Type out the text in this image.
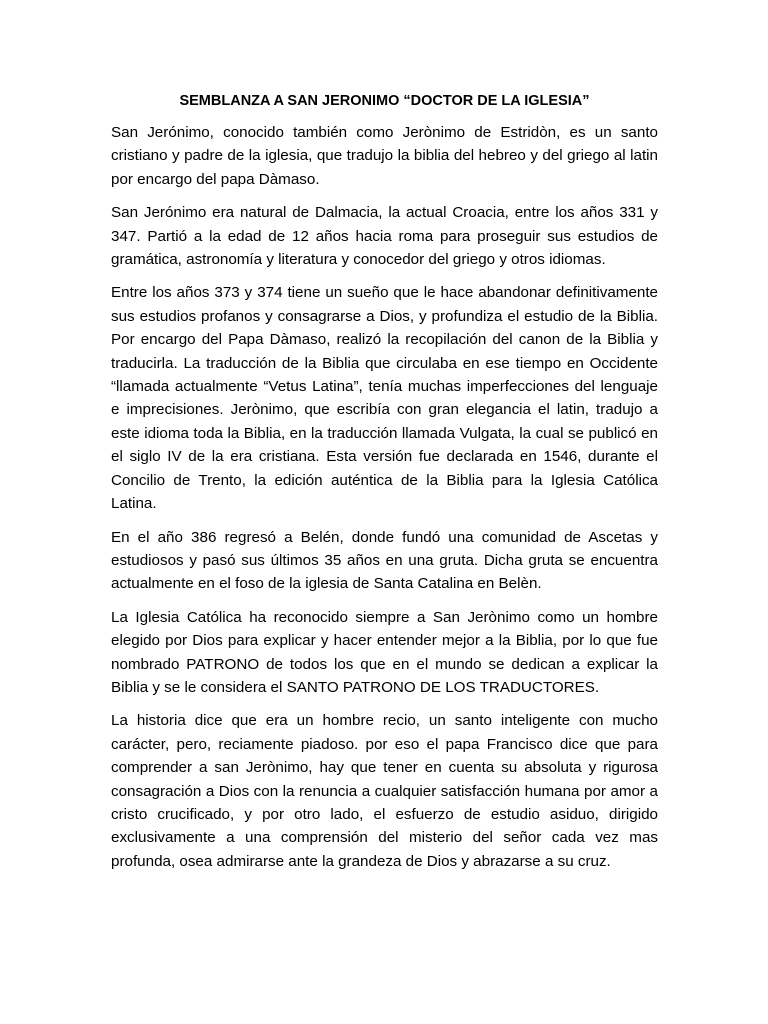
SEMBLANZA A SAN JERONIMO “DOCTOR DE LA IGLESIA”

San Jerónimo, conocido también como Jerònimo de Estridòn, es un santo cristiano y padre de la iglesia, que tradujo la biblia del hebreo y del griego al latin por encargo del papa Dàmaso.

San Jerónimo era natural de Dalmacia, la actual Croacia, entre los años 331 y 347. Partió a la edad de 12 años hacia roma para proseguir sus estudios de gramática, astronomía y literatura y conocedor del griego y otros idiomas.

Entre los años 373 y 374 tiene un sueño que le hace abandonar definitivamente sus estudios profanos y consagrarse a Dios, y profundiza el estudio de la Biblia. Por encargo del Papa Dàmaso, realizó la recopilación del canon de la Biblia y traducirla. La traducción de la Biblia que circulaba en ese tiempo en Occidente “llamada actualmente “Vetus Latina”, tenía muchas imperfecciones del lenguaje e imprecisiones. Jerònimo, que escribía con gran elegancia el latin, tradujo a este idioma toda la Biblia, en la traducción llamada Vulgata, la cual se publicó en el siglo IV de la era cristiana. Esta versión fue declarada en 1546, durante el Concilio de Trento, la edición auténtica de la Biblia para la Iglesia Católica Latina.

En el año 386 regresó a Belén, donde fundó una comunidad de Ascetas y estudiosos y pasó sus últimos 35 años en una gruta. Dicha gruta se encuentra actualmente en el foso de la iglesia de Santa Catalina en Belèn.

La Iglesia Católica ha reconocido siempre a San Jerònimo como un hombre elegido por Dios para explicar y hacer entender mejor a la Biblia, por lo que fue nombrado PATRONO de todos los que en el mundo se dedican a explicar la Biblia y se le considera el SANTO PATRONO DE LOS TRADUCTORES.

La historia dice que era un hombre recio, un santo inteligente con mucho carácter, pero, reciamente piadoso. por eso el papa Francisco dice que para comprender a san Jerònimo, hay que tener en cuenta su absoluta y rigurosa consagración a Dios con la renuncia a cualquier satisfacción humana por amor a cristo crucificado, y por otro lado, el esfuerzo de estudio asiduo, dirigido exclusivamente a una comprensión del misterio del señor cada vez mas profunda, osea admirarse ante la grandeza de Dios y abrazarse a su cruz.
